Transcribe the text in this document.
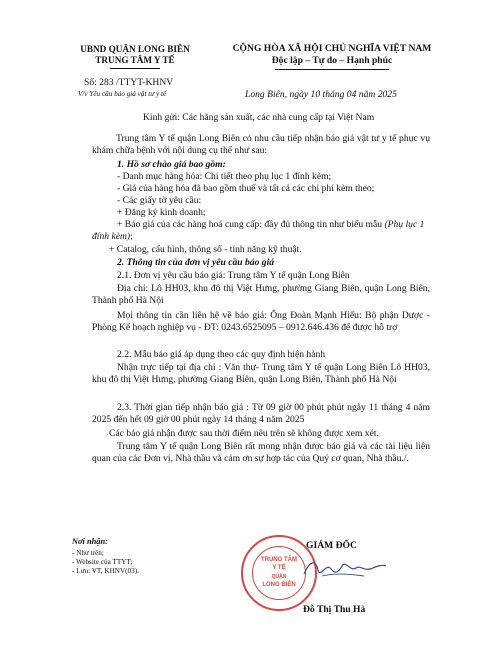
UBND QUẬN LONG BIÊN
TRUNG TÂM Y TẾ
CỘNG HÒA XÃ HỘI CHỦ NGHĨA VIỆT NAM
Độc lập – Tự do – Hạnh phúc
Số: 283 /TTYT-KHNV
V/v Yêu cầu báo giá vật tư y tế	Long Biên, ngày 10 tháng 04 năm 2025
Kính gửi: Các hãng sản xuất, các nhà cung cấp tại Việt Nam
Trung tâm Y tế quận Long Biên có nhu cầu tiếp nhận báo giá vật tư y tế phục vụ khám chữa bệnh với nội dung cụ thể như sau:
1. Hồ sơ chào giá bao gồm:
- Danh mục hàng hóa: Chi tiết theo phụ lục 1 đính kèm;
- Giá của hàng hóa đã bao gồm thuế và tất cả các chi phí kèm theo;
- Các giấy tờ yêu cầu:
+ Đăng ký kinh doanh;
+ Báo giá của các hàng hoá cung cấp: đầy đủ thông tin như biểu mẫu (Phụ lục 1 đính kèm);
+ Catalog, cấu hình, thông số - tính năng kỹ thuật.
2. Thông tin của đơn vị yêu cầu báo giá
2.1. Đơn vị yêu cầu báo giá: Trung tâm Y tế quận Long Biên
Địa chỉ: Lô HH03, khu đô thị Việt Hưng, phường Giang Biên, quận Long Biên, Thành phố Hà Nội
Mọi thông tin cần liên hệ về báo giá: Ông Đoàn Mạnh Hiếu: Bộ phận Dược - Phòng Kế hoạch nghiệp vụ - ĐT: 0243.6525095 – 0912.646.436 để được hỗ trợ
2.2. Mẫu báo giá áp dụng theo các quy định hiện hành
Nhận trực tiếp tại địa chỉ : Văn thư- Trung tâm Y tế quận Long Biên Lô HH03, khu đô thị Việt Hưng, phường Giang Biên, quận Long Biên, Thành phố Hà Nội
2.3. Thời gian tiếp nhận báo giá : Từ 09 giờ 00 phút phút ngày 11 tháng 4 năm 2025 đến hết 09 giờ 00 phút ngày 14 tháng 4 năm 2025
Các báo giá nhận được sau thời điểm nêu trên sẽ không được xem xét.
Trung tâm Y tế quận Long Biên rất mong nhận được báo giá và các tài liệu liên quan của các Đơn vị, Nhà thầu và cảm ơn sự hợp tác của Quý cơ quan, Nhà thầu./.
Nơi nhận:
- Như trên;
- Website của TTYT;
- Lưu: VT, KHNV(03).
GIÁM ĐỐC
TRUNG TÂM
Y TẾ
QUẬN
LONG BIÊN
Đỗ Thị Thu Hà
